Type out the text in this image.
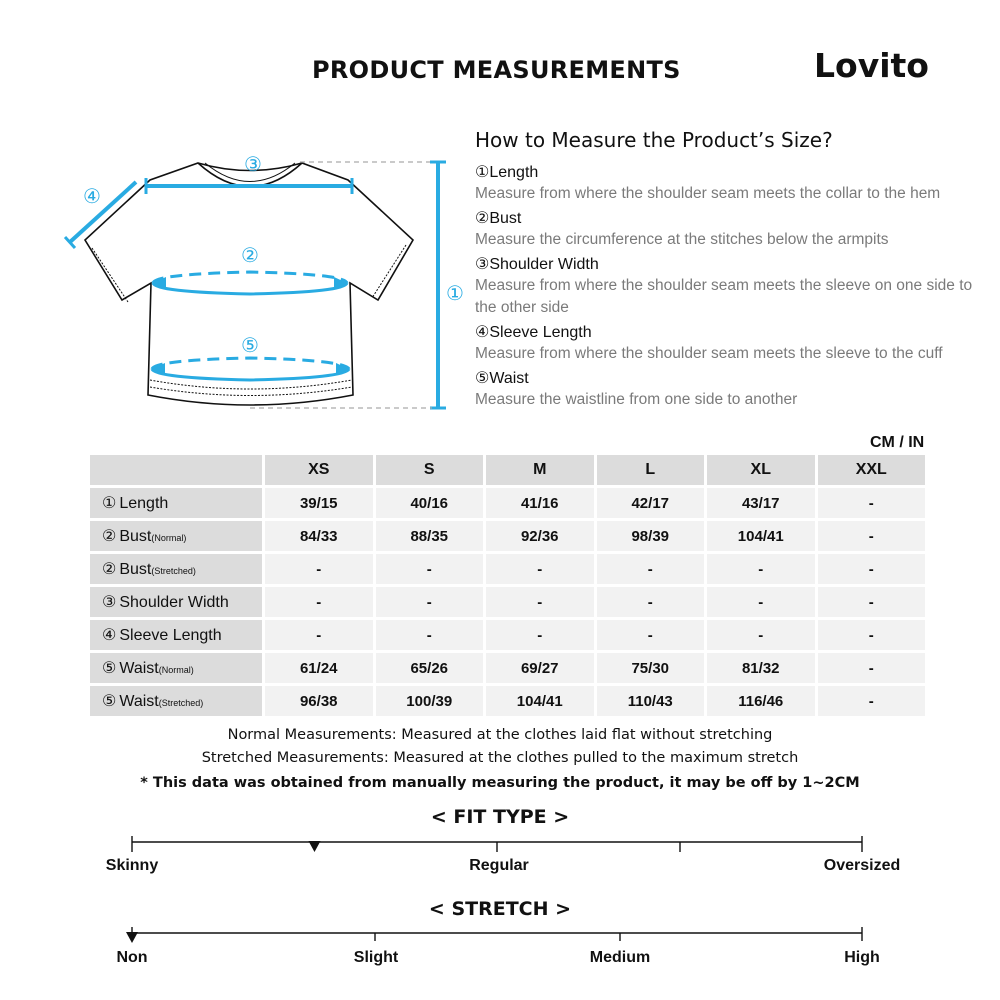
PRODUCT MEASUREMENTS	Lovito
③
④
②
①
⑤
How to Measure the Product’s Size?
①Length
Measure from where the shoulder seam meets the collar to the hem
②Bust
Measure the circumference at the stitches below the armpits
③Shoulder Width
Measure from where the shoulder seam meets the sleeve on one side to the other side
④Sleeve Length
Measure from where the shoulder seam meets the sleeve to the cuff
⑤Waist
Measure the waistline from one side to another
CM / IN
	XS	S	M	L	XL	XXL
① Length	39/15	40/16	41/16	42/17	43/17	-
② Bust(Normal)	84/33	88/35	92/36	98/39	104/41	-
② Bust(Stretched)	-	-	-	-	-	-
③ Shoulder Width	-	-	-	-	-	-
④ Sleeve Length	-	-	-	-	-	-
⑤ Waist(Normal)	61/24	65/26	69/27	75/30	81/32	-
⑤ Waist(Stretched)	96/38	100/39	104/41	110/43	116/46	-
Normal Measurements: Measured at the clothes laid flat without stretching
Stretched Measurements: Measured at the clothes pulled to the maximum stretch
* This data was obtained from manually measuring the product, it may be off by 1~2CM
< FIT TYPE >
Skinny	Regular	Oversized
< STRETCH >
Non	Slight	Medium	High
